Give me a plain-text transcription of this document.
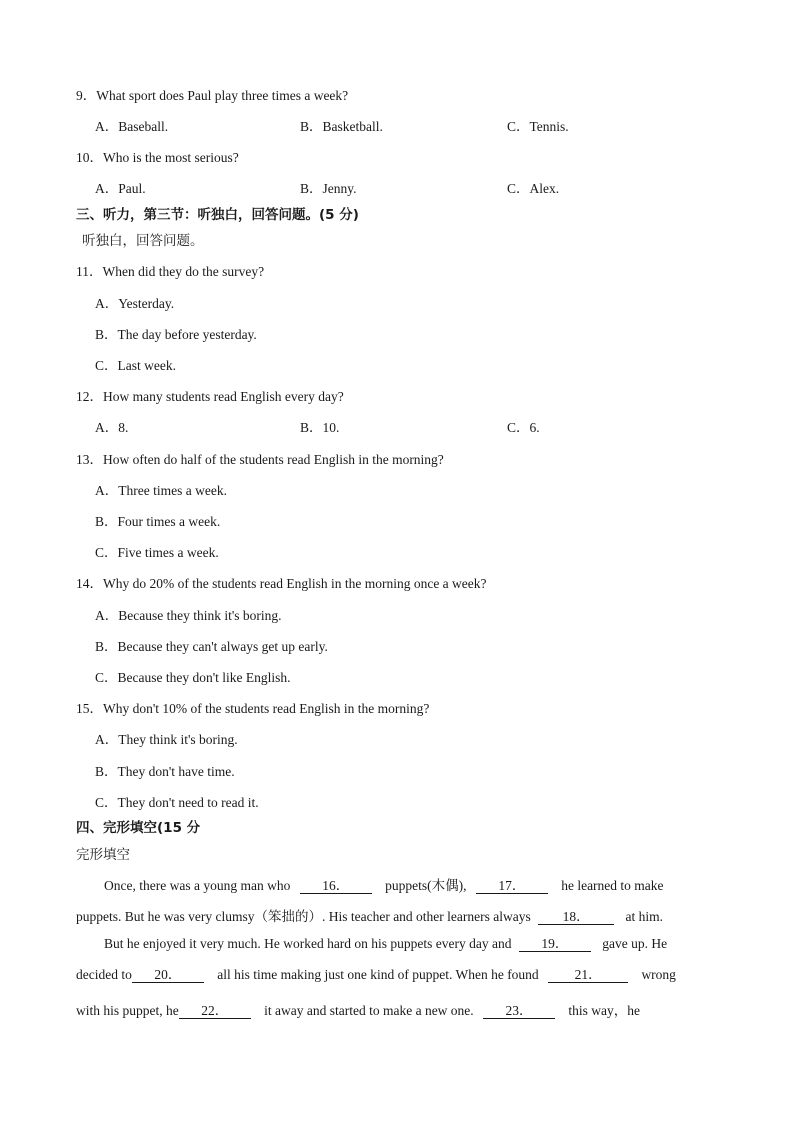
9．What sport does Paul play three times a week?
A．Baseball.	B．Basketball.	C．Tennis.
10．Who is the most serious?
A．Paul.	B．Jenny.	C．Alex.
三、听力，第三节：听独白，回答问题。(5 分)
听独白，回答问题。
11．When did they do the survey?
A．Yesterday.
B．The day before yesterday.
C．Last week.
12．How many students read English every day?
A．8.	B．10.	C．6.
13．How often do half of the students read English in the morning?
A．Three times a week.
B．Four times a week.
C．Five times a week.
14．Why do 20% of the students read English in the morning once a week?
A．Because they think it's boring.
B．Because they can't always get up early.
C．Because they don't like English.
15．Why don't 10% of the students read English in the morning?
A．They think it's boring.
B．They don't have time.
C．They don't need to read it.
四、完形填空(15 分
完形填空
Once, there was a young man who 16．	puppets(木偶), 17．	he learned to make
puppets. But he was very clumsy（笨拙的）. His teacher and other learners always 18．	at him.
But he enjoyed it very much. He worked hard on his puppets every day and 19．	gave up. He
decided to 20．	all his time making just one kind of puppet. When he found	21．	wrong
with his puppet, he 22．	it away and started to make a new one. 23．	this way，he
